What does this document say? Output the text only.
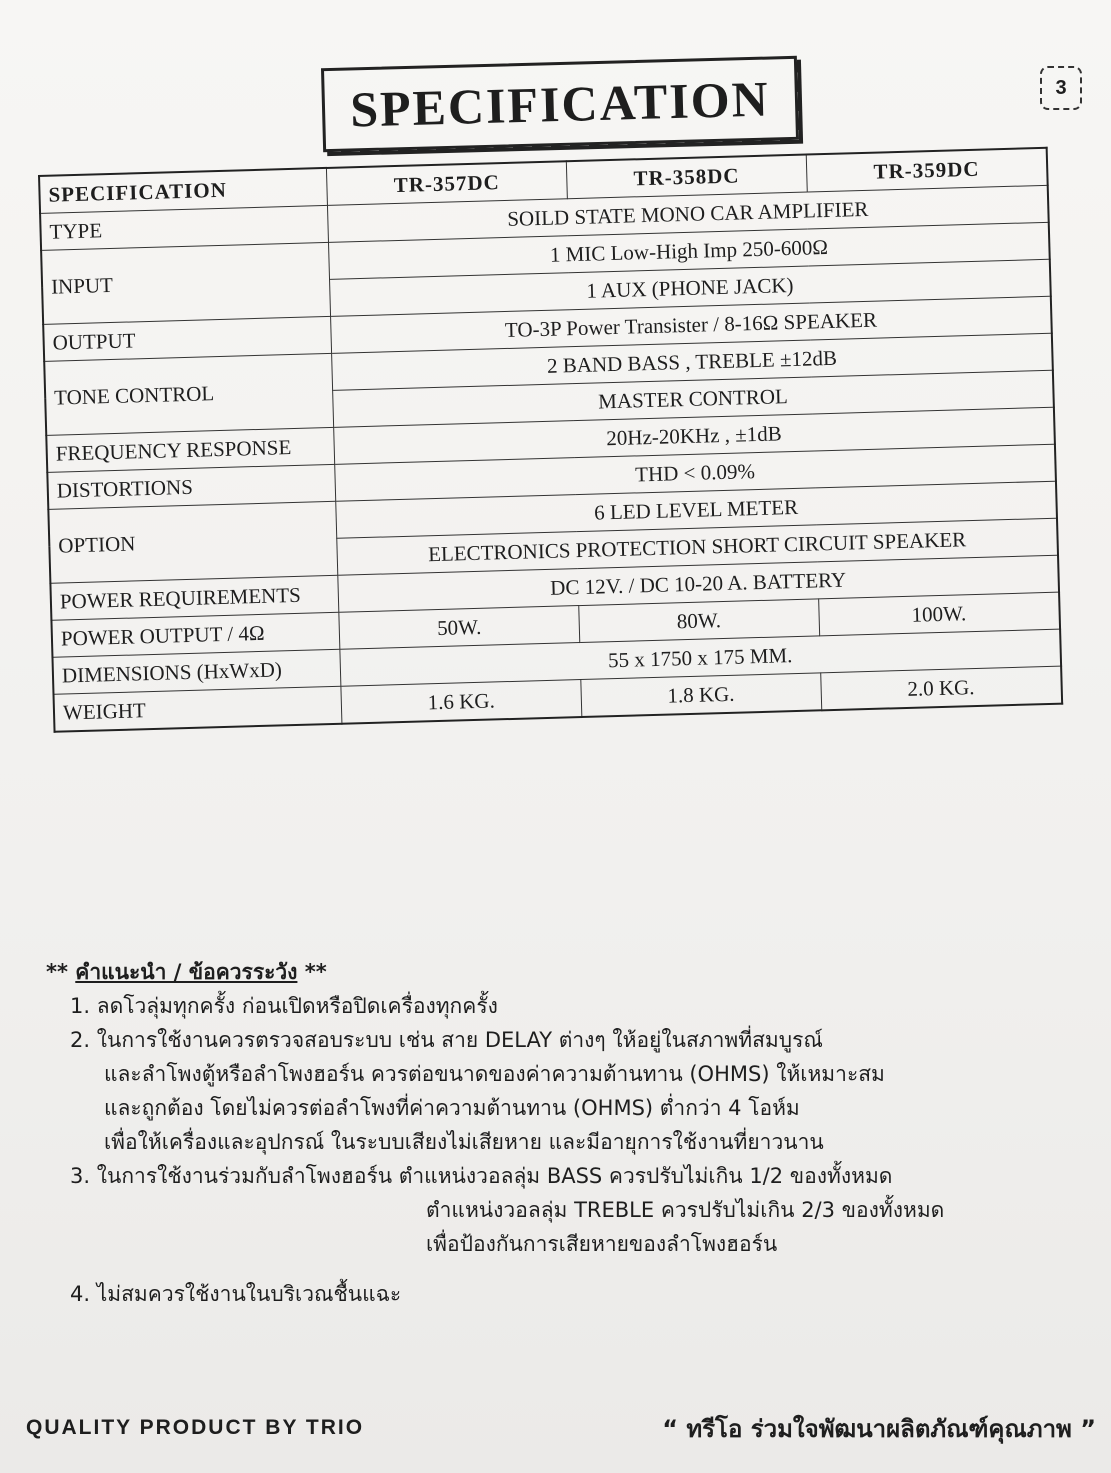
SPECIFICATION	3
SPECIFICATION	TR-357DC	TR-358DC	TR-359DC
TYPE	SOILD STATE MONO CAR AMPLIFIER		
INPUT	1 MIC Low-High Imp 250-600Ω		
	1 AUX (PHONE JACK)		
OUTPUT	TO-3P Power Transister / 8-16Ω SPEAKER		
TONE CONTROL	2 BAND BASS , TREBLE ±12dB		
	MASTER CONTROL		
FREQUENCY RESPONSE	20Hz-20KHz , ±1dB		
DISTORTIONS	THD < 0.09%		
OPTION	6 LED LEVEL METER		
	ELECTRONICS PROTECTION SHORT CIRCUIT SPEAKER		
POWER REQUIREMENTS	DC 12V. / DC 10-20 A. BATTERY		
POWER OUTPUT / 4Ω	50W.	80W.	100W.
DIMENSIONS (HxWxD)	55 x 1750 x 175 MM.		
WEIGHT	1.6 KG.	1.8 KG.	2.0 KG.
** คำแนะนำ / ข้อควรระวัง **
1. ลดโวลุ่มทุกครั้ง ก่อนเปิดหรือปิดเครื่องทุกครั้ง
2. ในการใช้งานควรตรวจสอบระบบ เช่น สาย DELAY ต่างๆ ให้อยู่ในสภาพที่สมบูรณ์
และลำโพงตู้หรือลำโพงฮอร์น ควรต่อขนาดของค่าความต้านทาน (OHMS) ให้เหมาะสม
และถูกต้อง โดยไม่ควรต่อลำโพงที่ค่าความต้านทาน (OHMS) ต่ำกว่า 4 โอห์ม
เพื่อให้เครื่องและอุปกรณ์ ในระบบเสียงไม่เสียหาย และมีอายุการใช้งานที่ยาวนาน
3. ในการใช้งานร่วมกับลำโพงฮอร์น ตำแหน่งวอลลุ่ม BASS ควรปรับไม่เกิน 1/2 ของทั้งหมด
ตำแหน่งวอลลุ่ม TREBLE ควรปรับไม่เกิน 2/3 ของทั้งหมด
เพื่อป้องกันการเสียหายของลำโพงฮอร์น
4. ไม่สมควรใช้งานในบริเวณชื้นแฉะ
QUALITY PRODUCT BY TRIO	“ ทรีโอ ร่วมใจพัฒนาผลิตภัณฑ์คุณภาพ ”
